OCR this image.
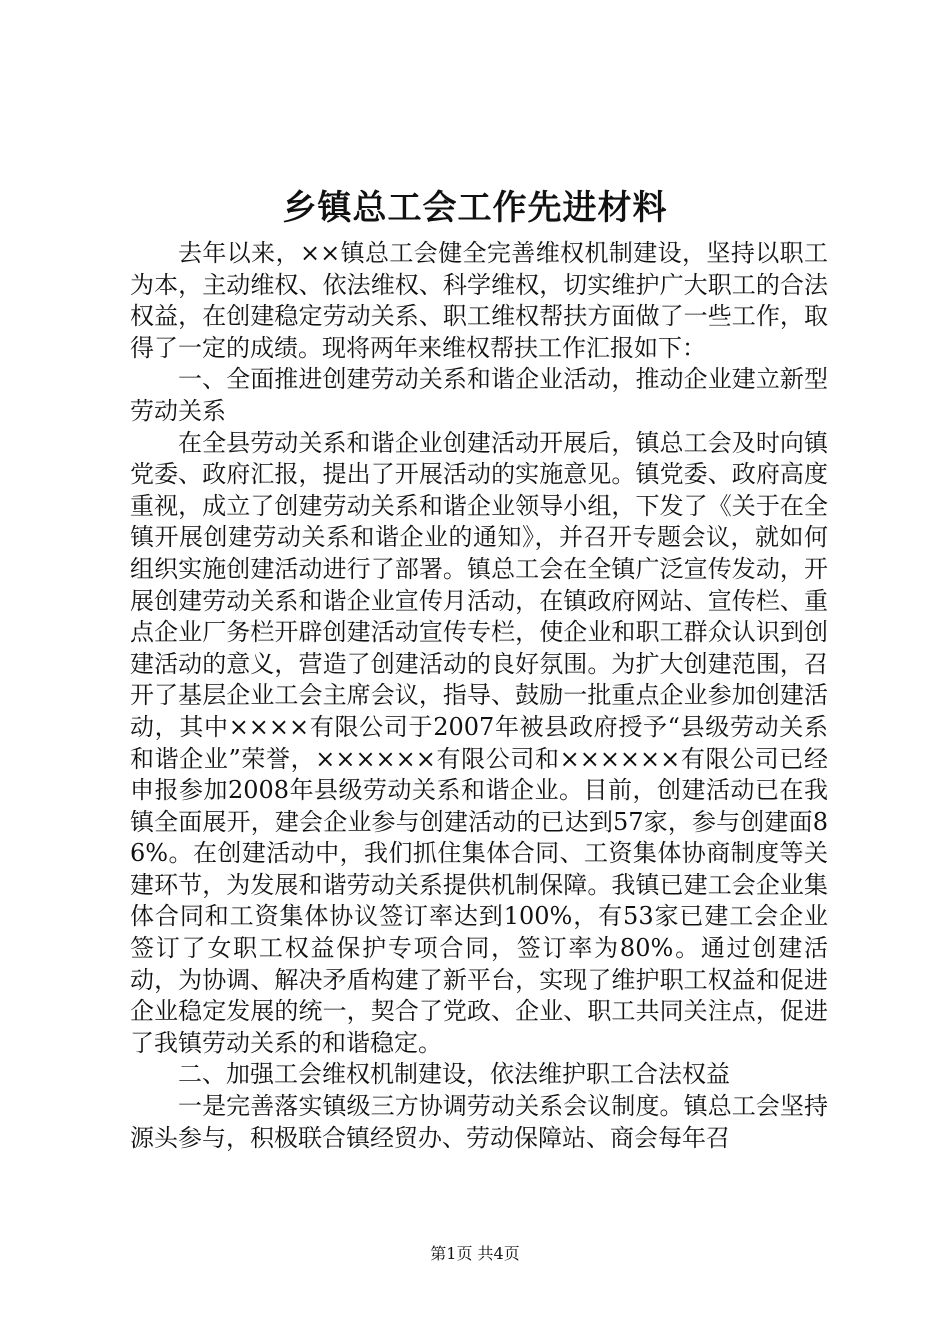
乡镇总工会工作先进材料

去年以来，××镇总工会健全完善维权机制建设，坚持以职工为本，主动维权、依法维权、科学维权，切实维护广大职工的合法权益，在创建稳定劳动关系、职工维权帮扶方面做了一些工作，取得了一定的成绩。现将两年来维权帮扶工作汇报如下：

一、全面推进创建劳动关系和谐企业活动，推动企业建立新型劳动关系

在全县劳动关系和谐企业创建活动开展后，镇总工会及时向镇党委、政府汇报，提出了开展活动的实施意见。镇党委、政府高度重视，成立了创建劳动关系和谐企业领导小组，下发了《关于在全镇开展创建劳动关系和谐企业的通知》，并召开专题会议，就如何组织实施创建活动进行了部署。镇总工会在全镇广泛宣传发动，开展创建劳动关系和谐企业宣传月活动，在镇政府网站、宣传栏、重点企业厂务栏开辟创建活动宣传专栏，使企业和职工群众认识到创建活动的意义，营造了创建活动的良好氛围。为扩大创建范围，召开了基层企业工会主席会议，指导、鼓励一批重点企业参加创建活动，其中××××有限公司于2007年被县政府授予“县级劳动关系和谐企业”荣誉，××××××有限公司和××××××有限公司已经申报参加2008年县级劳动关系和谐企业。目前，创建活动已在我镇全面展开，建会企业参与创建活动的已达到57家，参与创建面86%。在创建活动中，我们抓住集体合同、工资集体协商制度等关建环节，为发展和谐劳动关系提供机制保障。我镇已建工会企业集体合同和工资集体协议签订率达到100%，有53家已建工会企业签订了女职工权益保护专项合同，签订率为80%。通过创建活动，为协调、解决矛盾构建了新平台，实现了维护职工权益和促进企业稳定发展的统一，契合了党政、企业、职工共同关注点，促进了我镇劳动关系的和谐稳定。

二、加强工会维权机制建设，依法维护职工合法权益

一是完善落实镇级三方协调劳动关系会议制度。镇总工会坚持源头参与，积极联合镇经贸办、劳动保障站、商会每年召

第1页 共4页
